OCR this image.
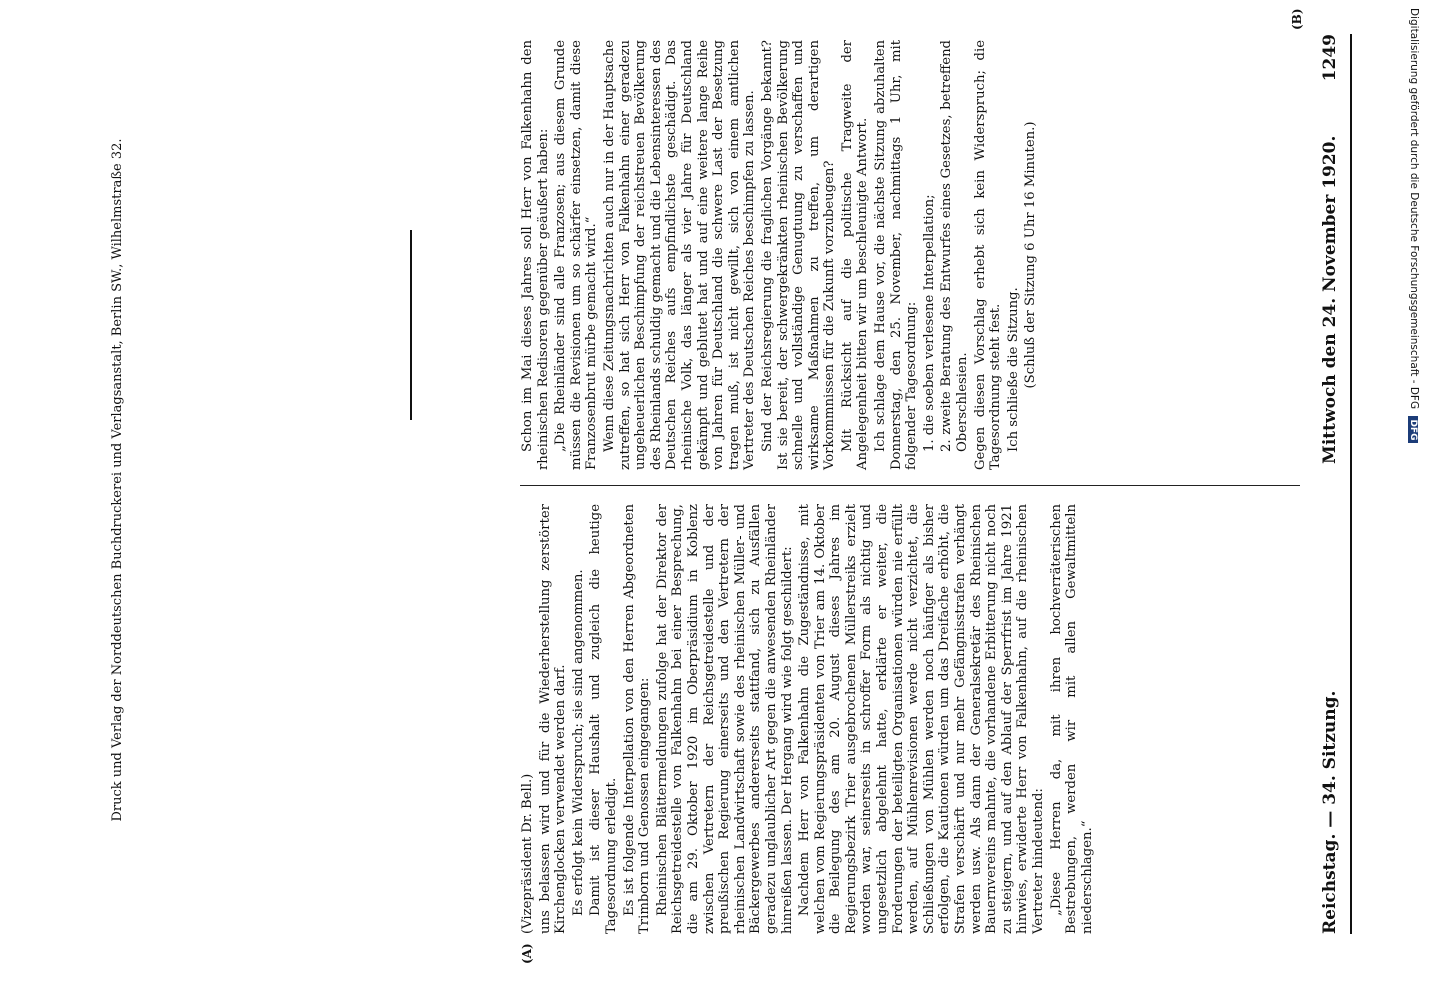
Reichstag. — 34. Sitzung.
Mittwoch den 24. November 1920.
1249

(Vizepräsident Dr. Bell.) uns belassen wird und für die Wiederherstellung zerstörter Kirchenglocken verwendet werden darf. Es erfolgt kein Widerspruch; sie sind angenommen. Damit ist dieser Haushalt und zugleich die heutige Tagesordnung erledigt. Es ist folgende Interpellation von den Herren Abgeordneten Trimborn und Genossen eingegangen: Rheinischen Blättermeldungen zufolge hat der Direktor der Reichsgetreidestelle von Falkenhahn bei einer Besprechung, die am 29. Oktober 1920 im Oberpräsidium in Koblenz zwischen Vertretern der Reichsgetreidestelle und der preußischen Regierung einerseits und den Vertretern der rheinischen Landwirtschaft sowie des rheinischen Müller- und Bäckergewerbes andererseits stattfand, sich zu Ausfällen geradezu unglaublicher Art gegen die anwesenden Rheinländer hinreißen lassen. Der Hergang wird wie folgt geschildert: Nachdem Herr von Falkenhahn die Zugeständnisse, mit welchen vom Regierungspräsidenten von Trier am 14. Oktober die Beilegung des am 20. August dieses Jahres im Regierungsbezirk Trier ausgebrochenen Müllerstreiks erzielt worden war, seinerseits in schroffer Form als nichtig und ungesetzlich abgelehnt hatte, erklärte er weiter, die Forderungen der beteiligten Organisationen würden nie erfüllt werden, auf Mühlenrevisionen werde nicht verzichtet, die Schließungen von Mühlen werden noch häufiger als bisher erfolgen, die Kautionen würden um das Dreifache erhöht, die Strafen verschärft und nur mehr Gefängnisstrafen verhängt werden usw. Als dann der Generalsekretär des Rheinischen Bauernvereins mahnte, die vorhandene Erbitterung nicht noch zu steigern, und auf den Ablauf der Sperrfrist im Jahre 1921 hinwies, erwiderte Herr von Falkenhahn, auf die rheinischen Vertreter hindeutend: „Diese Herren da, mit ihren hochverräterischen Bestrebungen, werden wir mit allen Gewaltmitteln niederschlagen.“

(A)

Schon im Mai dieses Jahres soll Herr von Falkenhahn den rheinischen Redisoren gegenüber geäußert haben: „Die Rheinländer sind alle Franzosen; aus diesem Grunde müssen die Revisionen um so schärfer einsetzen, damit diese Franzosenbrut mürbe gemacht wird.“ Wenn diese Zeitungsnachrichten auch nur in der Hauptsache zutreffen, so hat sich Herr von Falkenhahn einer geradezu ungeheuerlichen Beschimpfung der reichstreuen Bevölkerung des Rheinlands schuldig gemacht und die Lebensinteressen des Deutschen Reiches aufs empfindlichste geschädigt. Das rheinische Volk, das länger als vier Jahre für Deutschland gekämpft und geblutet hat und auf eine weitere lange Reihe von Jahren für Deutschland die schwere Last der Besetzung tragen muß, ist nicht gewillt, sich von einem amtlichen Vertreter des Deutschen Reiches beschimpfen zu lassen. Sind der Reichsregierung die fraglichen Vorgänge bekannt? Ist sie bereit, der schwergekränkten rheinischen Bevölkerung schnelle und vollständige Genugtuung zu verschaffen und wirksame Maßnahmen zu treffen, um derartigen Vorkommnissen für die Zukunft vorzubeugen? Mit Rücksicht auf die politische Tragweite der Angelegenheit bitten wir um beschleunigte Antwort. Ich schlage dem Hause vor, die nächste Sitzung abzuhalten Donnerstag, den 25. November, nachmittags 1 Uhr, mit folgender Tagesordnung: 1. die soeben verlesene Interpellation; 2. zweite Beratung des Entwurfes eines Gesetzes, betreffend Oberschlesien. Gegen diesen Vorschlag erhebt sich kein Widerspruch; die Tagesordnung steht fest. Ich schließe die Sitzung. (Schluß der Sitzung 6 Uhr 16 Minuten.)

(B)
Druck und Verlag der Norddeutschen Buchdruckerei und Verlagsanstalt, Berlin SW., Wilhelmstraße 32.	Digitalisierung gefördert durch die Deutsche Forschungsgemeinschaft - DFG DFG
